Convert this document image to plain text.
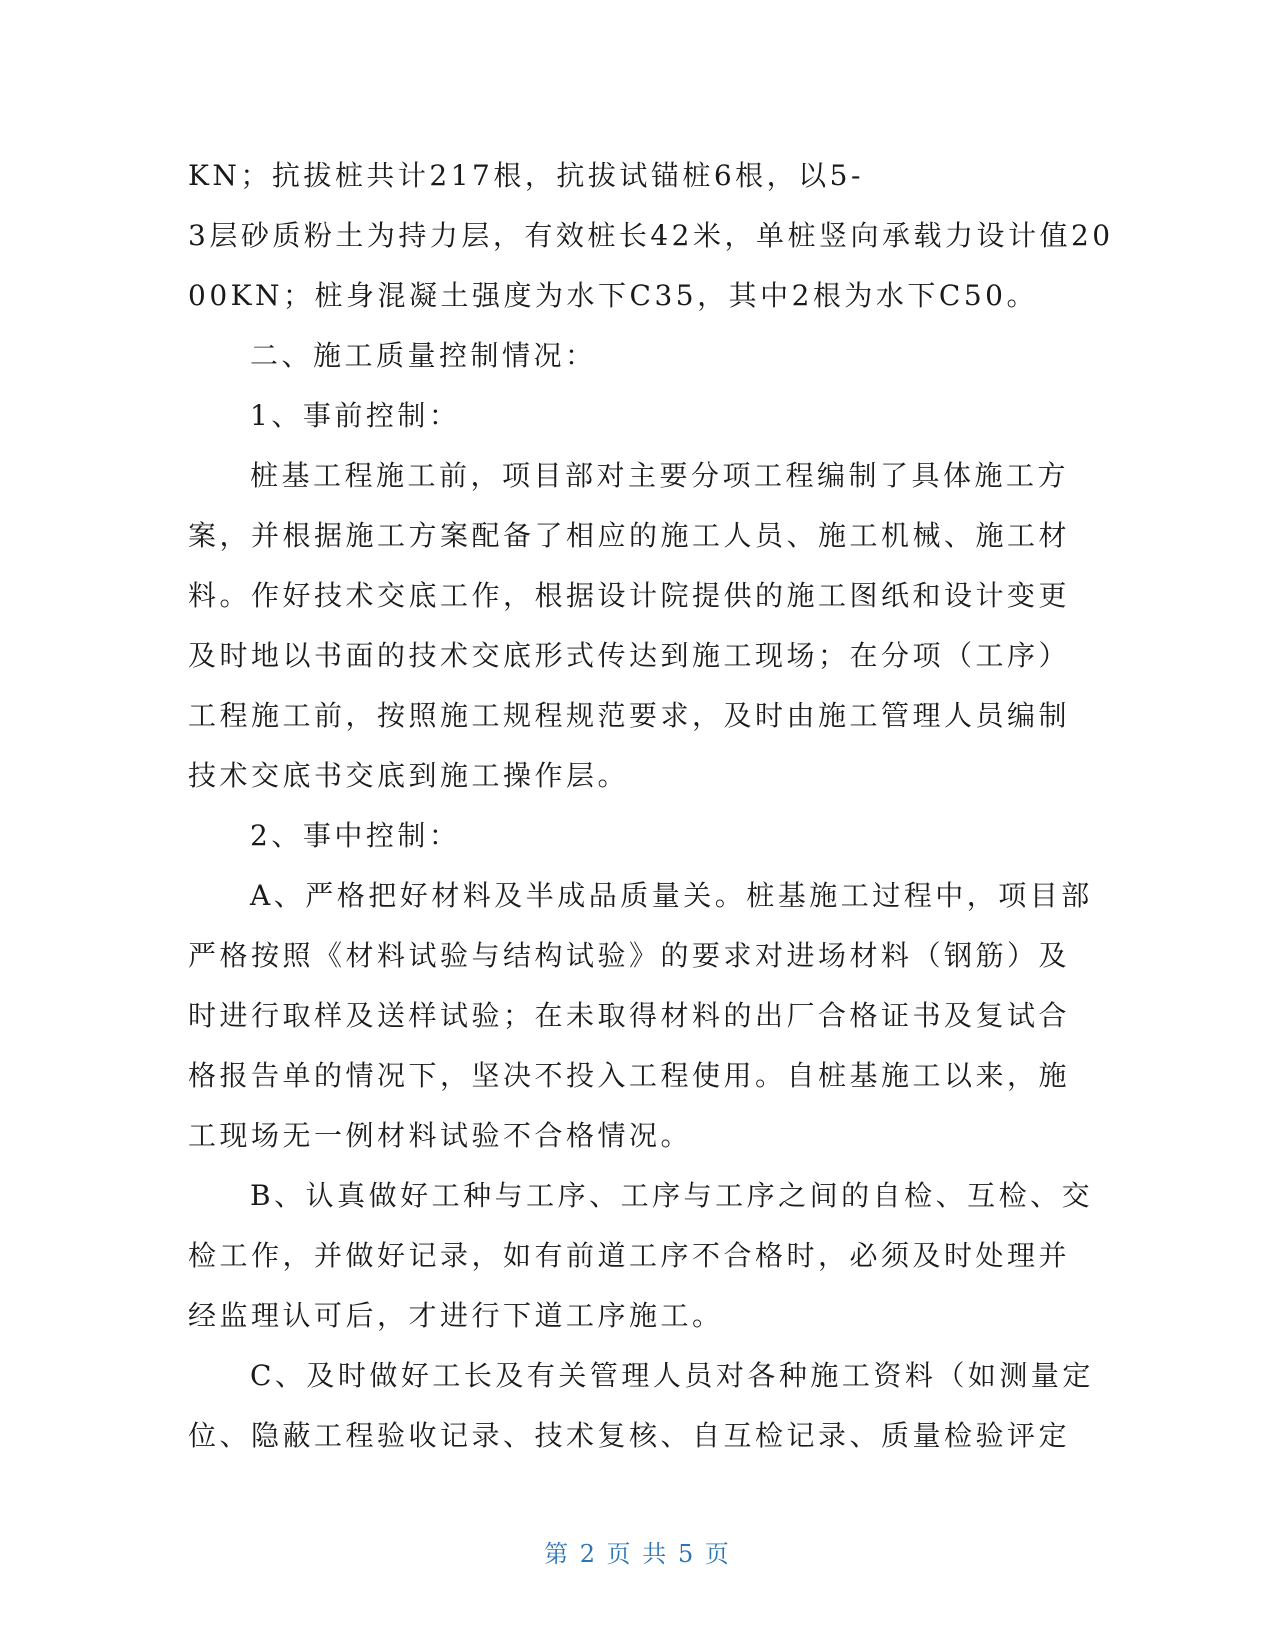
KN；抗拔桩共计217根，抗拔试锚桩6根，以5-
3层砂质粉土为持力层，有效桩长42米，单桩竖向承载力设计值20
00KN；桩身混凝土强度为水下C35，其中2根为水下C50。
二、施工质量控制情况：
1、事前控制：
桩基工程施工前，项目部对主要分项工程编制了具体施工方
案，并根据施工方案配备了相应的施工人员、施工机械、施工材
料。作好技术交底工作，根据设计院提供的施工图纸和设计变更
及时地以书面的技术交底形式传达到施工现场；在分项（工序）
工程施工前，按照施工规程规范要求，及时由施工管理人员编制
技术交底书交底到施工操作层。
2、事中控制：
A、严格把好材料及半成品质量关。桩基施工过程中，项目部
严格按照《材料试验与结构试验》的要求对进场材料（钢筋）及
时进行取样及送样试验；在未取得材料的出厂合格证书及复试合
格报告单的情况下，坚决不投入工程使用。自桩基施工以来，施
工现场无一例材料试验不合格情况。
B、认真做好工种与工序、工序与工序之间的自检、互检、交
检工作，并做好记录，如有前道工序不合格时，必须及时处理并
经监理认可后，才进行下道工序施工。
C、及时做好工长及有关管理人员对各种施工资料（如测量定
位、隐蔽工程验收记录、技术复核、自互检记录、质量检验评定
第 2 页 共 5 页
